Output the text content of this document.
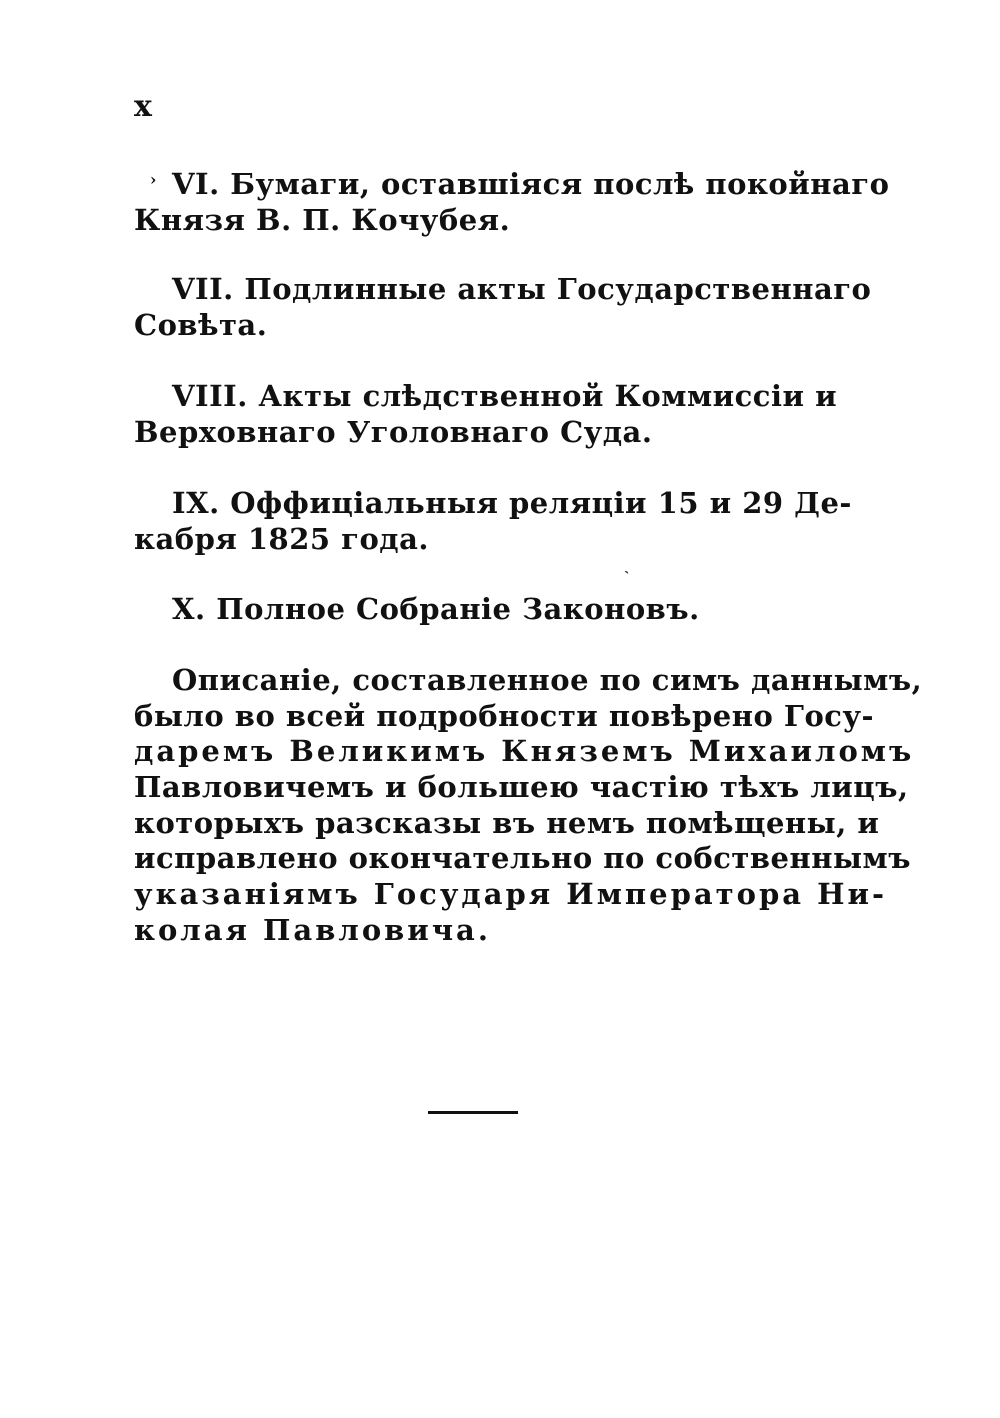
x
› VI. Бумаги, оставшіяся послѣ покойнаго
Князя В. П. Кочубея.
VII. Подлинные акты Государственнаго
Совѣта.
VIII. Акты слѣдственной Коммиссіи и
Верховнаго Уголовнаго Суда.
IX. Оффиціальныя реляціи 15 и 29 Де-
кабря 1825 года.
X. Полное Собраніе Законовъ.
˴
Описаніе, составленное по симъ даннымъ,
было во всей подробности повѣрено Госу-
даремъ Великимъ Княземъ Михаиломъ
Павловичемъ и большею частію тѣхъ лицъ,
которыхъ разсказы въ немъ помѣщены, и
исправлено окончательно по собственнымъ
указаніямъ Государя Императора Ни-
колая Павловича.
